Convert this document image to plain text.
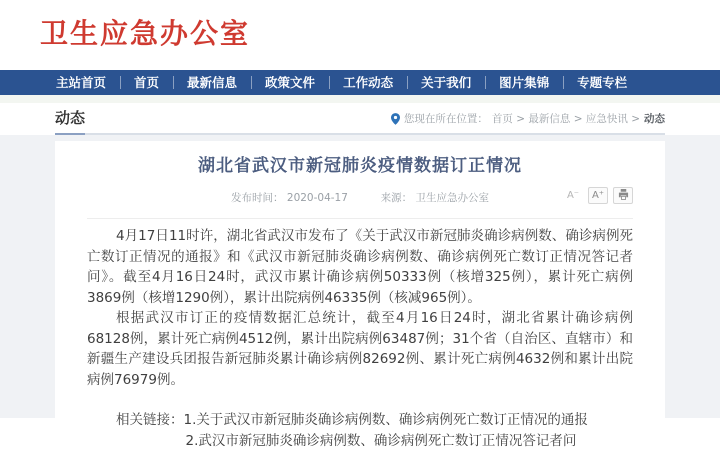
卫生应急办公室
主站首页	首页	最新信息	政策文件	工作动态	关于我们	图片集锦	专题专栏
动态	您现在所在位置： 首页 > 最新信息 > 应急快讯 > 动态
湖北省武汉市新冠肺炎疫情数据订正情况
发布时间： 2020-04-17	来源： 卫生应急办公室	A⁻	A⁺

4月17日11时许，湖北省武汉市发布了《关于武汉市新冠肺炎确诊病例数、确诊病例死亡数订正情况的通报》和《武汉市新冠肺炎确诊病例数、确诊病例死亡数订正情况答记者问》。截至4月16日24时，武汉市累计确诊病例50333例（核增325例），累计死亡病例3869例（核增1290例），累计出院病例46335例（核减965例）。

根据武汉市订正的疫情数据汇总统计，截至4月16日24时，湖北省累计确诊病例68128例，累计死亡病例4512例，累计出院病例63487例；31个省（自治区、直辖市）和新疆生产建设兵团报告新冠肺炎累计确诊病例82692例、累计死亡病例4632例和累计出院病例76979例。

相关链接：1.关于武汉市新冠肺炎确诊病例数、确诊病例死亡数订正情况的通报

2.武汉市新冠肺炎确诊病例数、确诊病例死亡数订正情况答记者问
